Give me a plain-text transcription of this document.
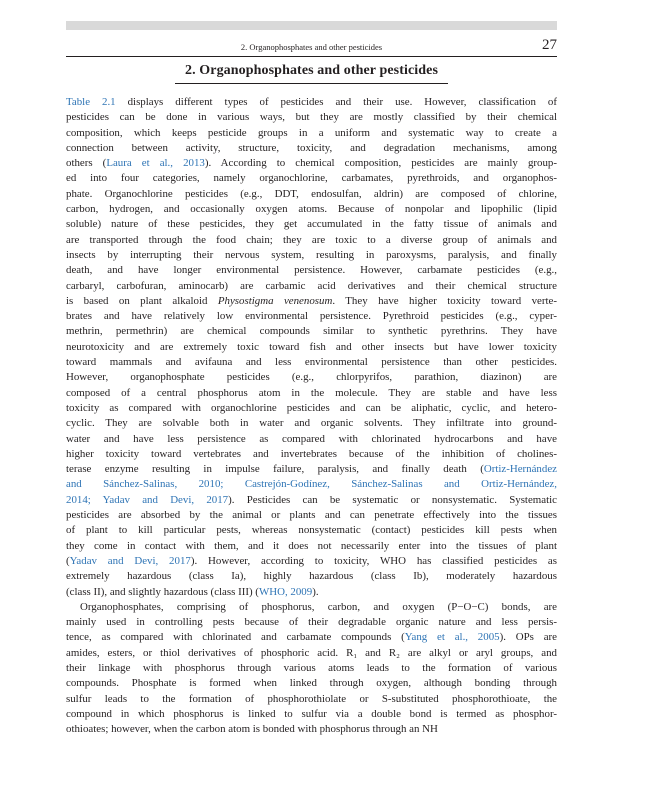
2. Organophosphates and other pesticides	27
2. Organophosphates and other pesticides
Table 2.1 displays different types of pesticides and their use. However, classification of
pesticides can be done in various ways, but they are mostly classified by their chemical
composition, which keeps pesticide groups in a uniform and systematic way to create a
connection between activity, structure, toxicity, and degradation mechanisms, among
others (Laura et al., 2013). According to chemical composition, pesticides are mainly group-
ed into four categories, namely organochlorine, carbamates, pyrethroids, and organophos-
phate. Organochlorine pesticides (e.g., DDT, endosulfan, aldrin) are composed of chlorine,
carbon, hydrogen, and occasionally oxygen atoms. Because of nonpolar and lipophilic (lipid
soluble) nature of these pesticides, they get accumulated in the fatty tissue of animals and
are transported through the food chain; they are toxic to a diverse group of animals and
insects by interrupting their nervous system, resulting in paroxysms, paralysis, and finally
death, and have longer environmental persistence. However, carbamate pesticides (e.g.,
carbaryl, carbofuran, aminocarb) are carbamic acid derivatives and their chemical structure
is based on plant alkaloid Physostigma venenosum. They have higher toxicity toward verte-
brates and have relatively low environmental persistence. Pyrethroid pesticides (e.g., cyper-
methrin, permethrin) are chemical compounds similar to synthetic pyrethrins. They have
neurotoxicity and are extremely toxic toward fish and other insects but have lower toxicity
toward mammals and avifauna and less environmental persistence than other pesticides.
However, organophosphate pesticides (e.g., chlorpyrifos, parathion, diazinon) are
composed of a central phosphorus atom in the molecule. They are stable and have less
toxicity as compared with organochlorine pesticides and can be aliphatic, cyclic, and hetero-
cyclic. They are solvable both in water and organic solvents. They infiltrate into ground-
water and have less persistence as compared with chlorinated hydrocarbons and have
higher toxicity toward vertebrates and invertebrates because of the inhibition of cholines-
terase enzyme resulting in impulse failure, paralysis, and finally death (Ortiz-Hernández
and Sánchez-Salinas, 2010; Castrejón-Godínez, Sánchez-Salinas and Ortiz-Hernández,
2014; Yadav and Devi, 2017). Pesticides can be systematic or nonsystematic. Systematic
pesticides are absorbed by the animal or plants and can penetrate effectively into the tissues
of plant to kill particular pests, whereas nonsystematic (contact) pesticides kill pests when
they come in contact with them, and it does not necessarily enter into the tissues of plant
(Yadav and Devi, 2017). However, according to toxicity, WHO has classified pesticides as
extremely hazardous (class Ia), highly hazardous (class Ib), moderately hazardous
(class II), and slightly hazardous (class III) (WHO, 2009).
Organophosphates, comprising of phosphorus, carbon, and oxygen (P−O−C) bonds, are
mainly used in controlling pests because of their degradable organic nature and less persis-
tence, as compared with chlorinated and carbamate compounds (Yang et al., 2005). OPs are
amides, esters, or thiol derivatives of phosphoric acid. R₁ and R₂ are alkyl or aryl groups, and
their linkage with phosphorus through various atoms leads to the formation of various
compounds. Phosphate is formed when linked through oxygen, although bonding through
sulfur leads to the formation of phosphorothiolate or S-substituted phosphorothioate, the
compound in which phosphorus is linked to sulfur via a double bond is termed as phosphor-
othioates; however, when the carbon atom is bonded with phosphorus through an NH
